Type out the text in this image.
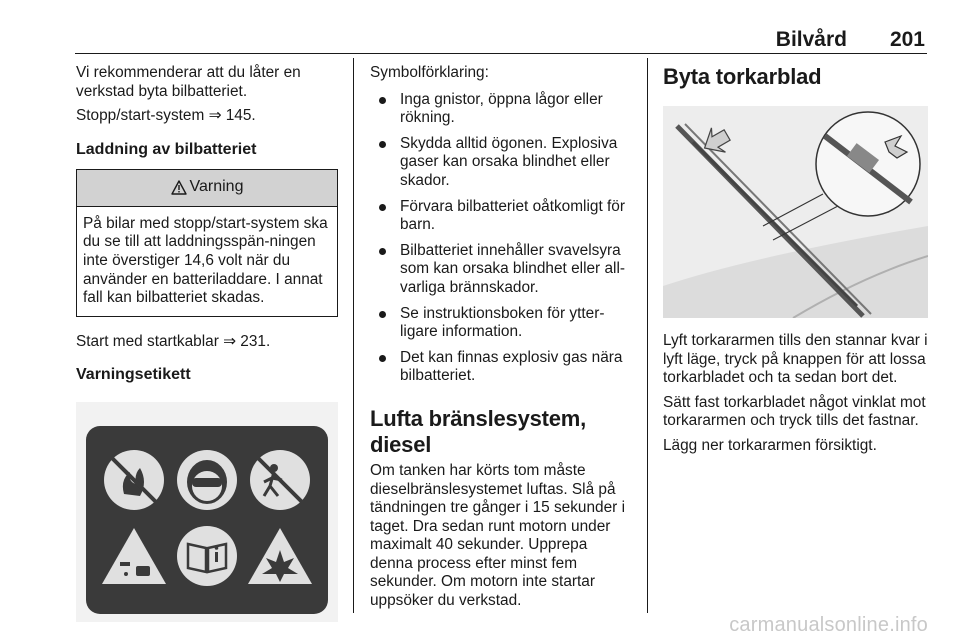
Bilvård 201

Vi rekommenderar att du låter en verkstad byta bilbatteriet.

Stopp/start-system ⇒ 145.

Laddning av bilbatteriet
Varning
På bilar med stopp/start-system ska du se till att laddningsspän-ningen inte överstiger 14,6 volt när du använder en batteriladdare. I annat fall kan bilbatteriet skadas.

Start med startkablar ⇒ 231.

Varningsetikett

Symbolförklaring:

Inga gnistor, öppna lågor eller rökning.
Skydda alltid ögonen. Explosiva gaser kan orsaka blindhet eller skador.
Förvara bilbatteriet oåtkomligt för barn.
Bilbatteriet innehåller svavelsyra som kan orsaka blindhet eller all-varliga brännskador.
Se instruktionsboken för ytter-ligare information.
Det kan finnas explosiv gas nära bilbatteriet.
Lufta bränslesystem, diesel

Om tanken har körts tom måste dieselbränslesystemet luftas. Slå på tändningen tre gånger i 15 sekunder i taget. Dra sedan runt motorn under maximalt 40 sekunder. Upprepa denna process efter minst fem sekunder. Om motorn inte startar uppsöker du verkstad.

Byta torkarblad

Lyft torkararmen tills den stannar kvar i lyft läge, tryck på knappen för att lossa torkarbladet och ta sedan bort det.

Sätt fast torkarbladet något vinklat mot torkararmen och tryck tills det fastnar.

Lägg ner torkararmen försiktigt.

carmanualsonline.info
